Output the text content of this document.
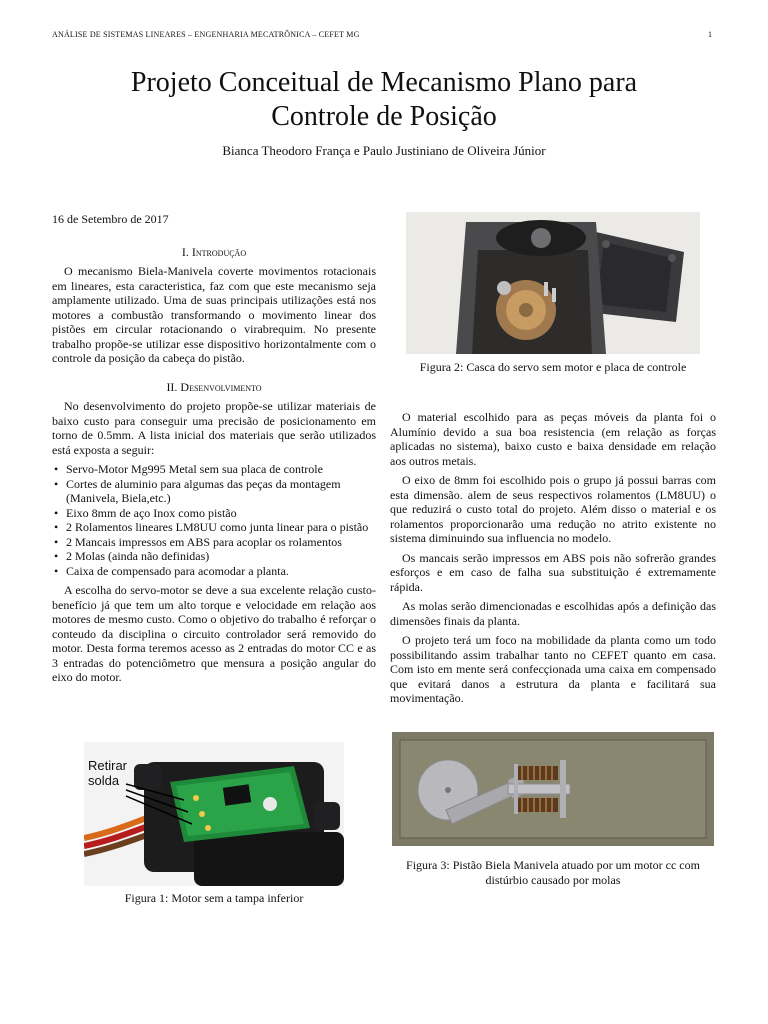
ANÁLISE DE SISTEMAS LINEARES – ENGENHARIA MECATRÔNICA – CEFET MG	1
Projeto Conceitual de Mecanismo Plano para
Controle de Posição
Bianca Theodoro França e Paulo Justiniano de Oliveira Júnior

16 de Setembro de 2017

I. Introdução

O mecanismo Biela-Manivela coverte movimentos rotacionais em lineares, esta caracteristica, faz com que este mecanismo seja amplamente utilizado. Uma de suas principais utilizações está nos motores a combustão transformando o movimento linear dos pistões em circular rotacionando o virabrequim. No presente trabalho propõe-se utilizar esse dispositivo horizontalmente com o controle da posição da cabeça do pistão.

II. Desenvolvimento

No desenvolvimento do projeto propõe-se utilizar materiais de baixo custo para conseguir uma precisão de posicionamento em torno de 0.5mm. A lista inicial dos materiais que serão utilizados está exposta a seguir:

• Servo-Motor Mg995 Metal sem sua placa de controle
• Cortes de aluminio para algumas das peças da montagem (Manivela, Biela,etc.)
• Eixo 8mm de aço Inox como pistão
• 2 Rolamentos lineares LM8UU como junta linear para o pistão
• 2 Mancais impressos em ABS para acoplar os rolamentos
• 2 Molas (ainda não definidas)
• Caixa de compensado para acomodar a planta.

A escolha do servo-motor se deve a sua excelente relação custo-benefício já que tem um alto torque e velocidade em relação aos motores de mesmo custo. Como o objetivo do trabalho é reforçar o conteudo da disciplina o circuito controlador será removido do motor. Desta forma teremos acesso as 2 entradas do motor CC e as 3 entradas do potenciômetro que mensura a posição angular do eixo do motor.

O material escolhido para as peças móveis da planta foi o Alumínio devido a sua boa resistencia (em relação as forças aplicadas no sistema), baixo custo e baixa densidade em relação aos outros metais.

O eixo de 8mm foi escolhido pois o grupo já possui barras com esta dimensão. alem de seus respectivos rolamentos (LM8UU) o que reduzirá o custo total do projeto. Além disso o material e os rolamentos proporcionarão uma redução no atrito existente no sistema diminuindo sua influencia no modelo.

Os mancais serão impressos em ABS pois não sofrerão grandes esforços e em caso de falha sua substituição é extremamente rápida.

As molas serão dimencionadas e escolhidas após a definição das dimensões finais da planta.

O projeto terá um foco na mobilidade da planta como um todo possibilitando assim trabalhar tanto no CEFET quanto em casa. Com isto em mente será confecçionada uma caixa em compensado que evitará danos a estrutura da planta e facilitará sua movimentação.

Figura 2: Casca do servo sem motor e placa de controle
Retirar
solda
Figura 1: Motor sem a tampa inferior
Figura 3: Pistão Biela Manivela atuado por um motor cc com distúrbio causado por molas
